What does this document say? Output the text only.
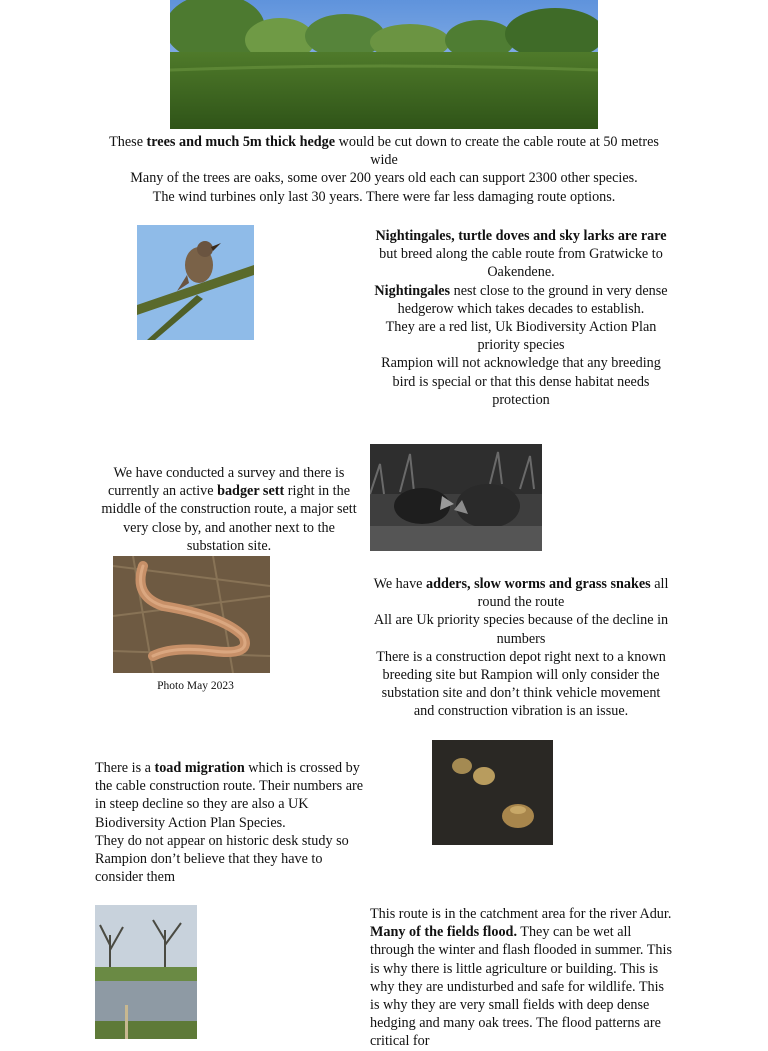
These trees and much 5m thick hedge would be cut down to create the cable route at 50 metres wide
Many of the trees are oaks, some over 200 years old each can support 2300 other species.
The wind turbines only last 30 years. There were far less damaging route options.
Nightingales, turtle doves and sky larks are rare but breed along the cable route from Gratwicke to Oakendene.
Nightingales nest close to the ground in very dense hedgerow which takes decades to establish.
They are a red list, Uk Biodiversity Action Plan priority species
Rampion will not acknowledge that any breeding bird is special or that this dense habitat needs protection
We have conducted a survey and there is currently an active badger sett right in the middle of the construction route, a major sett very close by, and another next to the substation site.
Photo May 2023
We have adders, slow worms and grass snakes all round the route
All are Uk priority species because of the decline in numbers
There is a construction depot right next to a known breeding site but Rampion will only consider the substation site and don’t think vehicle movement and construction vibration is an issue.
There is a toad migration which is crossed by the cable construction route. Their numbers are in steep decline so they are also a UK Biodiversity Action Plan Species.
They do not appear on historic desk study so Rampion don’t believe that they have to consider them
This route is in the catchment area for the river Adur. Many of the fields flood. They can be wet all through the winter and flash flooded in summer. This is why there is little agriculture or building. This is why they are undisturbed and safe for wildlife. This is why they are very small fields with deep dense hedging and many oak trees. The flood patterns are critical for
